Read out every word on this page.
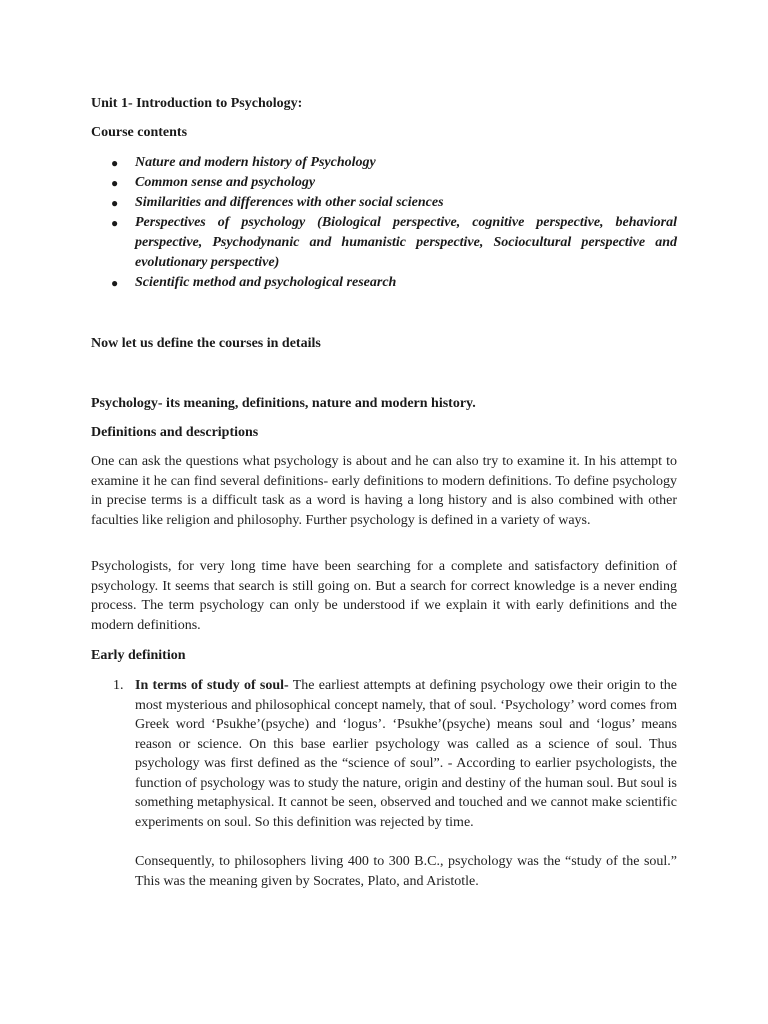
Unit 1- Introduction to Psychology:

Course contents

● Nature and modern history of Psychology
● Common sense and psychology
● Similarities and differences with other social sciences
● Perspectives of psychology (Biological perspective, cognitive perspective, behavioral perspective, Psychodynanic and humanistic perspective, Sociocultural perspective and evolutionary perspective)
● Scientific method and psychological research

Now let us define the courses in details

Psychology- its meaning, definitions, nature and modern history.

Definitions and descriptions

One can ask the questions what psychology is about and he can also try to examine it. In his attempt to examine it he can find several definitions- early definitions to modern definitions. To define psychology in precise terms is a difficult task as a word is having a long history and is also combined with other faculties like religion and philosophy. Further psychology is defined in a variety of ways.

Psychologists, for very long time have been searching for a complete and satisfactory definition of psychology. It seems that search is still going on. But a search for correct knowledge is a never ending process. The term psychology can only be understood if we explain it with early definitions and the modern definitions.

Early definition

1. In terms of study of soul- The earliest attempts at defining psychology owe their origin to the most mysterious and philosophical concept namely, that of soul. ‘Psychology’ word comes from Greek word ‘Psukhe’(psyche) and ‘logus’. ‘Psukhe’(psyche) means soul and ‘logus’ means reason or science. On this base earlier psychology was called as a science of soul. Thus psychology was first defined as the “science of soul”. - According to earlier psychologists, the function of psychology was to study the nature, origin and destiny of the human soul. But soul is something metaphysical. It cannot be seen, observed and touched and we cannot make scientific experiments on soul. So this definition was rejected by time.

Consequently, to philosophers living 400 to 300 B.C., psychology was the “study of the soul.” This was the meaning given by Socrates, Plato, and Aristotle.
